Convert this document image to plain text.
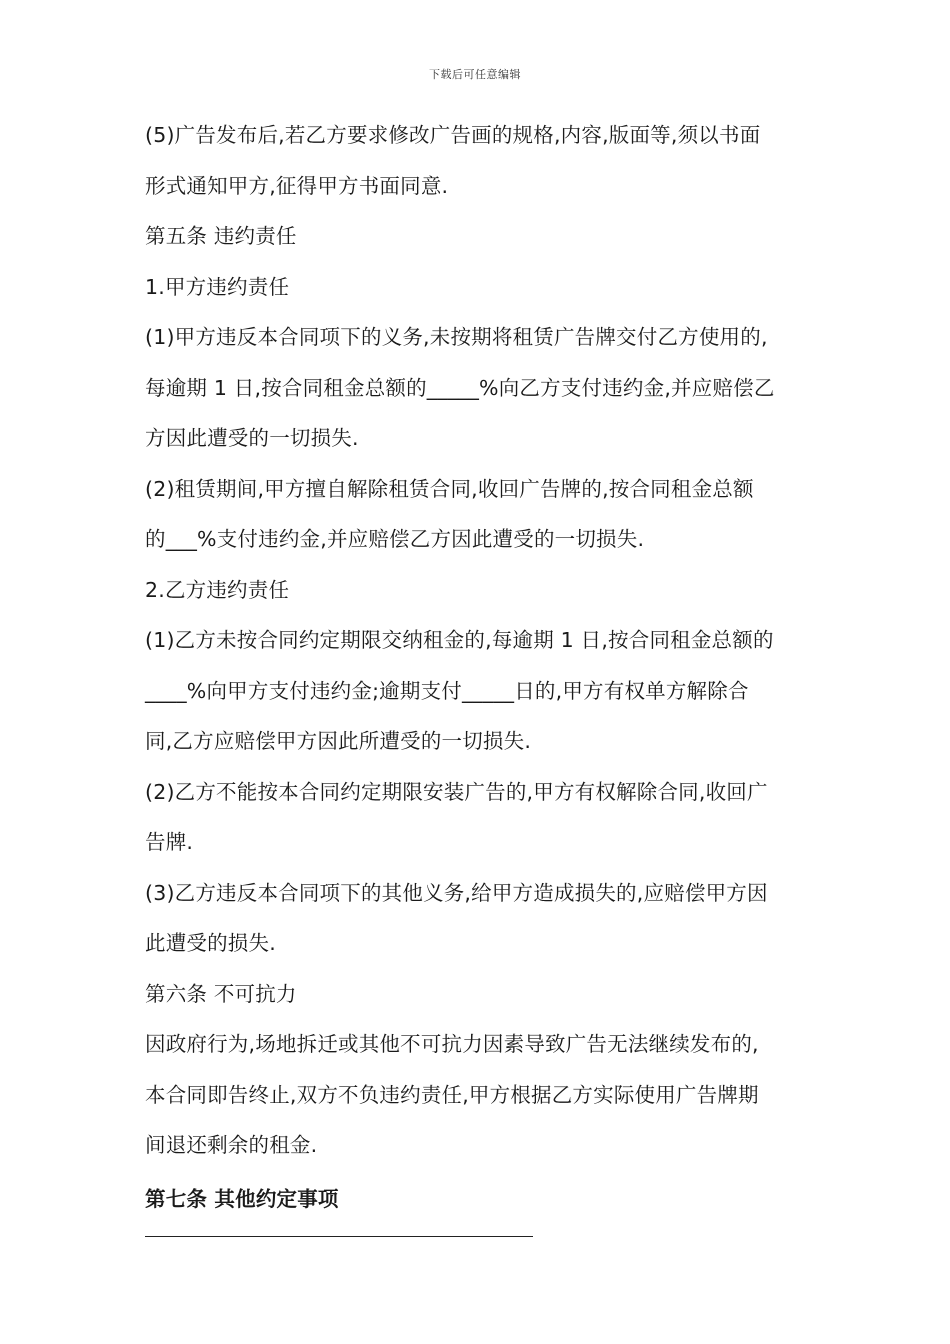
下载后可任意编辑
(5)广告发布后,若乙方要求修改广告画的规格,内容,版面等,须以书面
形式通知甲方,征得甲方书面同意.
第五条 违约责任
1.甲方违约责任
(1)甲方违反本合同项下的义务,未按期将租赁广告牌交付乙方使用的,
每逾期 1 日,按合同租金总额的_____%向乙方支付违约金,并应赔偿乙
方因此遭受的一切损失.
(2)租赁期间,甲方擅自解除租赁合同,收回广告牌的,按合同租金总额
的___%支付违约金,并应赔偿乙方因此遭受的一切损失.
2.乙方违约责任
(1)乙方未按合同约定期限交纳租金的,每逾期 1 日,按合同租金总额的
____%向甲方支付违约金;逾期支付_____日的,甲方有权单方解除合
同,乙方应赔偿甲方因此所遭受的一切损失.
(2)乙方不能按本合同约定期限安装广告的,甲方有权解除合同,收回广
告牌.
(3)乙方违反本合同项下的其他义务,给甲方造成损失的,应赔偿甲方因
此遭受的损失.
第六条 不可抗力
因政府行为,场地拆迁或其他不可抗力因素导致广告无法继续发布的,
本合同即告终止,双方不负违约责任,甲方根据乙方实际使用广告牌期
间退还剩余的租金.
第七条 其他约定事项
